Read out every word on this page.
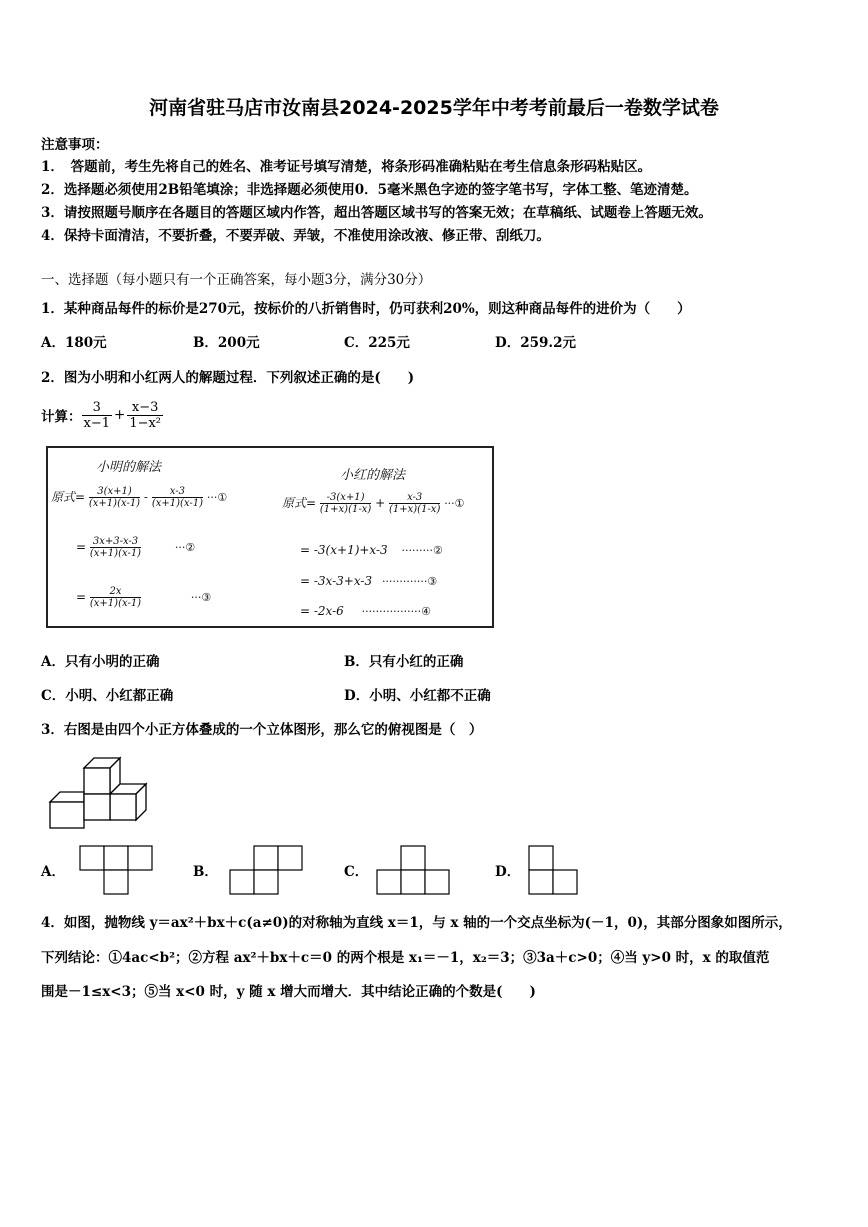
河南省驻马店市汝南县2024-2025学年中考考前最后一卷数学试卷
注意事项：
1．　答题前，考生先将自己的姓名、准考证号填写清楚，将条形码准确粘贴在考生信息条形码粘贴区。
2．选择题必须使用2B铅笔填涂；非选择题必须使用0．5毫米黑色字迹的签字笔书写，字体工整、笔迹清楚。
3．请按照题号顺序在各题目的答题区域内作答，超出答题区域书写的答案无效；在草稿纸、试题卷上答题无效。
4．保持卡面清洁，不要折叠，不要弄破、弄皱，不准使用涂改液、修正带、刮纸刀。
一、选择题（每小题只有一个正确答案，每小题3分，满分30分）
1．某种商品每件的标价是270元，按标价的八折销售时，仍可获利20%，则这种商品每件的进价为（　　）
A．180元	B．200元	C．225元	D．259.2元
2．图为小明和小红两人的解题过程．下列叙述正确的是(　　)
计算： $\frac{3}{x-1} + \frac{x-3}{\text{1−x²}}$
小明的解法
小红的解法
原式= $\frac{3(x+1)}{(x+1)(x-1)} - \frac{x-3}{(x+1)(x-1)}$ ···①
= $\frac{3x+3-x-3}{(x+1)(x-1)}$	···②
= $\frac{2x}{(x+1)(x-1)}$	···③
原式= $\frac{-3(x+1)}{(1+x)(1-x)} + \frac{x-3}{(1+x)(1-x)}$ ···①
= -3(x+1)+x-3 ·········②
= -3x-3+x-3 ·············③
= -2x-6 ·················④
A．只有小明的正确	B．只有小红的正确
C．小明、小红都正确	D．小明、小红都不正确
3．右图是由四个小正方体叠成的一个立体图形，那么它的俯视图是（　）
A．	B．	C．	D．
4．如图，抛物线 y＝ax²＋bx＋c(a≠0)的对称轴为直线 x＝1，与 x 轴的一个交点坐标为(－1，0)，其部分图象如图所示，
下列结论：①4ac<b²；②方程 ax²＋bx＋c＝0 的两个根是 x₁＝－1，x₂＝3；③3a＋c>0；④当 y>0 时，x 的取值范
围是－1≤x<3；⑤当 x<0 时，y 随 x 增大而增大．其中结论正确的个数是(　　)
